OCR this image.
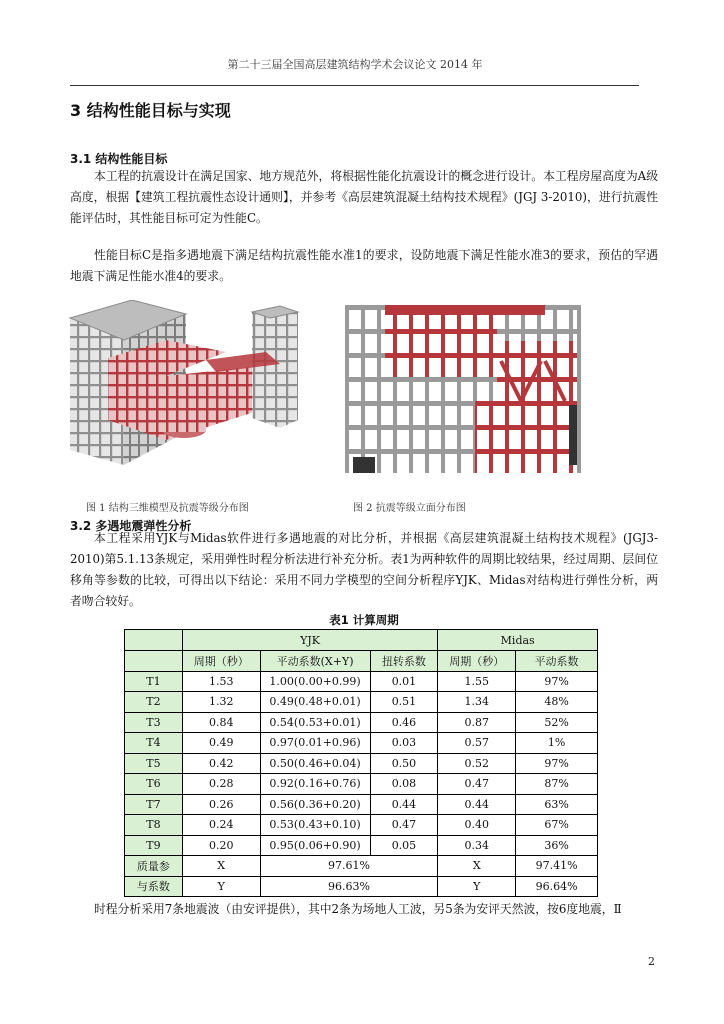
第二十三届全国高层建筑结构学术会议论文 2014 年
3 结构性能目标与实现
3.1 结构性能目标
本工程的抗震设计在满足国家、地方规范外，将根据性能化抗震设计的概念进行设计。本工程房屋高度为A级高度，根据【建筑工程抗震性态设计通则】，并参考《高层建筑混凝土结构技术规程》(JGJ 3-2010)，进行抗震性能评估时，其性能目标可定为性能C。
性能目标C是指多遇地震下满足结构抗震性能水准1的要求，设防地震下满足性能水准3的要求，预估的罕遇地震下满足性能水准4的要求。
图 1 结构三维模型及抗震等级分布图	图 2 抗震等级立面分布图
3.2 多遇地震弹性分析
本工程采用YJK与Midas软件进行多遇地震的对比分析，并根据《高层建筑混凝土结构技术规程》(JGJ3-2010)第5.1.13条规定，采用弹性时程分析法进行补充分析。表1为两种软件的周期比较结果，经过周期、层间位移角等参数的比较，可得出以下结论：采用不同力学模型的空间分析程序YJK、Midas对结构进行弹性分析，两者吻合较好。
表1 计算周期
	YJK			Midas	
	周期（秒）	平动系数(X+Y)	扭转系数	周期（秒）	平动系数
T1	1.53	1.00(0.00+0.99)	0.01	1.55	97%
T2	1.32	0.49(0.48+0.01)	0.51	1.34	48%
T3	0.84	0.54(0.53+0.01)	0.46	0.87	52%
T4	0.49	0.97(0.01+0.96)	0.03	0.57	1%
T5	0.42	0.50(0.46+0.04)	0.50	0.52	97%
T6	0.28	0.92(0.16+0.76)	0.08	0.47	87%
T7	0.26	0.56(0.36+0.20)	0.44	0.44	63%
T8	0.24	0.53(0.43+0.10)	0.47	0.40	67%
T9	0.20	0.95(0.06+0.90)	0.05	0.34	36%
质量参	X	97.61%		X	97.41%
与系数	Y	96.63%		Y	96.64%
时程分析采用7条地震波（由安评提供），其中2条为场地人工波，另5条为安评天然波，按6度地震，Ⅱ
2
